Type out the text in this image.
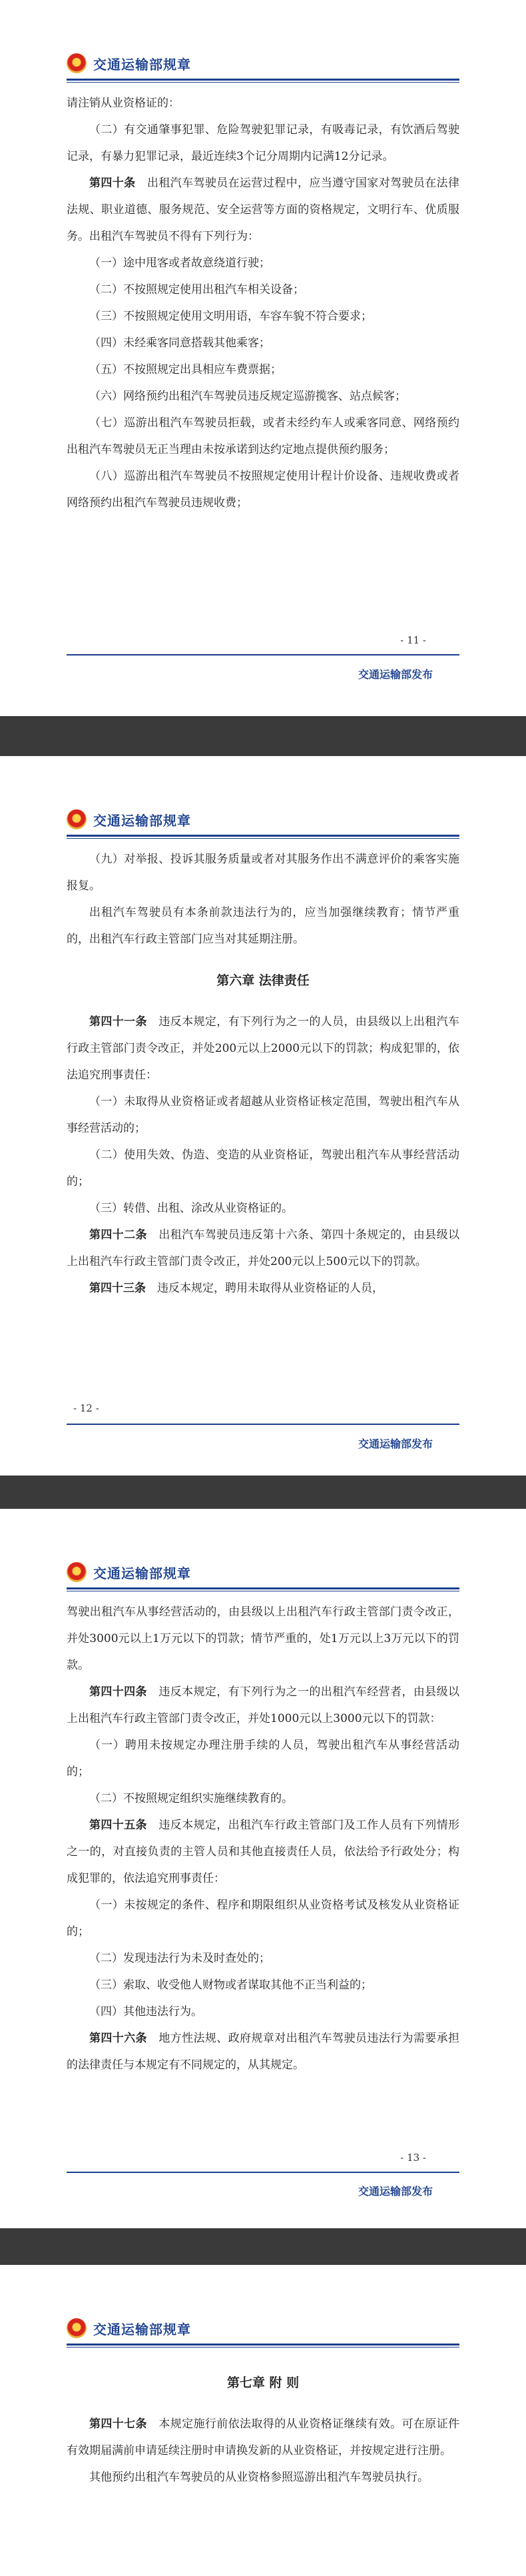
★
交通运输部规章

请注销从业资格证的：

（二）有交通肇事犯罪、危险驾驶犯罪记录，有吸毒记录，有饮酒后驾驶记录，有暴力犯罪记录，最近连续3个记分周期内记满12分记录。

第四十条　 出租汽车驾驶员在运营过程中，应当遵守国家对驾驶员在法律法规、职业道德、服务规范、安全运营等方面的资格规定，文明行车、优质服务。出租汽车驾驶员不得有下列行为：

（一）途中甩客或者故意绕道行驶；

（二）不按照规定使用出租汽车相关设备；

（三）不按照规定使用文明用语，车容车貌不符合要求；

（四）未经乘客同意搭载其他乘客；

（五）不按照规定出具相应车费票据；

（六）网络预约出租汽车驾驶员违反规定巡游揽客、站点候客；

（七）巡游出租汽车驾驶员拒载，或者未经约车人或乘客同意、网络预约出租汽车驾驶员无正当理由未按承诺到达约定地点提供预约服务；

（八）巡游出租汽车驾驶员不按照规定使用计程计价设备、违规收费或者网络预约出租汽车驾驶员违规收费；

- 11 -
交通运输部发布
★
交通运输部规章

（九）对举报、投诉其服务质量或者对其服务作出不满意评价的乘客实施报复。

出租汽车驾驶员有本条前款违法行为的，应当加强继续教育；情节严重的，出租汽车行政主管部门应当对其延期注册。

第六章 法律责任

第四十一条　 违反本规定，有下列行为之一的人员，由县级以上出租汽车行政主管部门责令改正，并处200元以上2000元以下的罚款；构成犯罪的，依法追究刑事责任：

（一）未取得从业资格证或者超越从业资格证核定范围，驾驶出租汽车从事经营活动的；

（二）使用失效、伪造、变造的从业资格证，驾驶出租汽车从事经营活动的；

（三）转借、出租、涂改从业资格证的。

第四十二条　 出租汽车驾驶员违反第十六条、第四十条规定的，由县级以上出租汽车行政主管部门责令改正，并处200元以上500元以下的罚款。

第四十三条　 违反本规定，聘用未取得从业资格证的人员，

- 12 -
交通运输部发布
★
交通运输部规章

驾驶出租汽车从事经营活动的，由县级以上出租汽车行政主管部门责令改正，并处3000元以上1万元以下的罚款；情节严重的，处1万元以上3万元以下的罚款。

第四十四条　 违反本规定，有下列行为之一的出租汽车经营者，由县级以上出租汽车行政主管部门责令改正，并处1000元以上3000元以下的罚款：

（一）聘用未按规定办理注册手续的人员，驾驶出租汽车从事经营活动的；

（二）不按照规定组织实施继续教育的。

第四十五条　 违反本规定，出租汽车行政主管部门及工作人员有下列情形之一的，对直接负责的主管人员和其他直接责任人员，依法给予行政处分；构成犯罪的，依法追究刑事责任：

（一）未按规定的条件、程序和期限组织从业资格考试及核发从业资格证的；

（二）发现违法行为未及时查处的；

（三）索取、收受他人财物或者谋取其他不正当利益的；

（四）其他违法行为。

第四十六条　 地方性法规、政府规章对出租汽车驾驶员违法行为需要承担的法律责任与本规定有不同规定的，从其规定。

- 13 -
交通运输部发布
★
交通运输部规章

第七章 附 则

第四十七条　 本规定施行前依法取得的从业资格证继续有效。可在原证件有效期届满前申请延续注册时申请换发新的从业资格证，并按规定进行注册。

其他预约出租汽车驾驶员的从业资格参照巡游出租汽车驾驶员执行。
